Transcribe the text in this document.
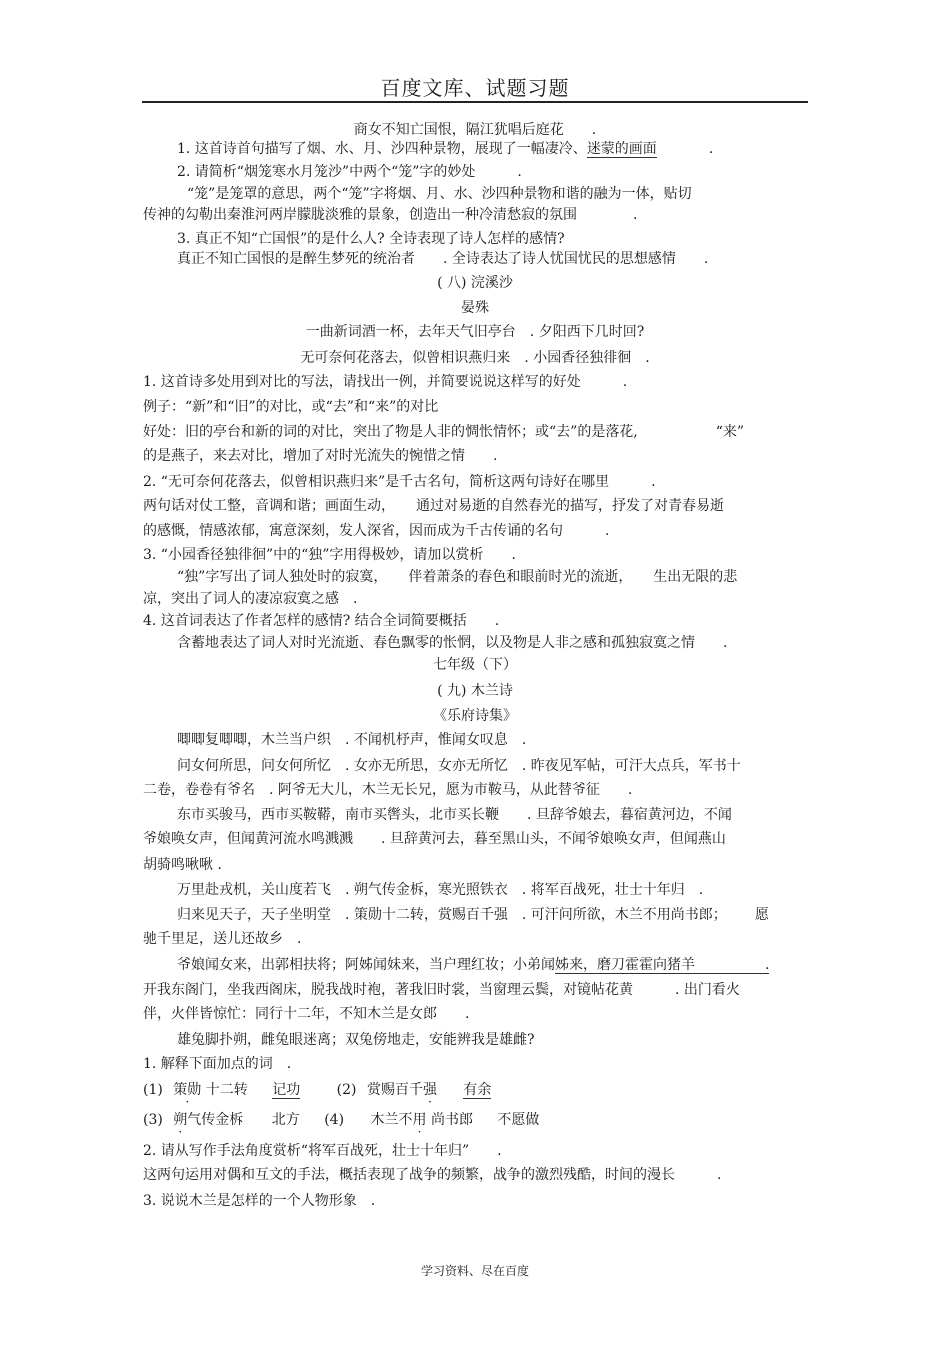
百度文库、试题习题
商女不知亡国恨，隔江犹唱后庭花　　.
1. 这首诗首句描写了烟、水、月、沙四种景物，展现了一幅凄冷、迷蒙的画面	.
2. 请简析“烟笼寒水月笼沙”中两个“笼”字的妙处　　　.
“笼”是笼罩的意思，两个“笼”字将烟、月、水、沙四种景物和谐的融为一体，贴切
传神的勾勒出秦淮河两岸朦胧淡雅的景象，创造出一种冷清愁寂的氛围　　　　.
3. 真正不知“亡国恨”的是什么人? 全诗表现了诗人怎样的感情?
真正不知亡国恨的是醉生梦死的统治者　　. 全诗表达了诗人忧国忧民的思想感情　　.
( 八) 浣溪沙
晏殊
一曲新词酒一杯，去年天气旧亭台　. 夕阳西下几时回?
无可奈何花落去，似曾相识燕归来　. 小园香径独徘徊　.
1. 这首诗多处用到对比的写法，请找出一例，并简要说说这样写的好处　　　.
例子：“新”和“旧”的对比，或“去”和“来”的对比
好处：旧的亭台和新的词的对比，突出了物是人非的惆怅情怀；或“去”的是落花,	“来”
的是燕子，来去对比，增加了对时光流失的惋惜之情　　.
2. “无可奈何花落去，似曾相识燕归来”是千古名句，简析这两句诗好在哪里　　　.
两句话对仗工整，音调和谐；画面生动，　　通过对易逝的自然春光的描写，抒发了对青春易逝
的感慨，情感浓郁，寓意深刻，发人深省，因而成为千古传诵的名句　　　.
3. “小园香径独徘徊”中的“独”字用得极妙，请加以赏析　　.
“独”字写出了词人独处时的寂寞，　　伴着萧条的春色和眼前时光的流逝，　　生出无限的悲
凉，突出了词人的凄凉寂寞之感　.
4. 这首词表达了作者怎样的感情? 结合全词简要概括　　.
含蓄地表达了词人对时光流逝、春色飘零的怅惘，以及物是人非之感和孤独寂寞之情　　.
七年级（下）
( 九) 木兰诗
《乐府诗集》
唧唧复唧唧，木兰当户织　. 不闻机杼声，惟闻女叹息　.
问女何所思，问女何所忆　. 女亦无所思，女亦无所忆　. 昨夜见军帖，可汗大点兵，军书十
二卷，卷卷有爷名　. 阿爷无大儿，木兰无长兄，愿为市鞍马，从此替爷征　　.
东市买骏马，西市买鞍鞯，南市买辔头，北市买长鞭　　. 旦辞爷娘去，暮宿黄河边，不闻
爷娘唤女声，但闻黄河流水鸣溅溅　　. 旦辞黄河去，暮至黑山头，不闻爷娘唤女声，但闻燕山
胡骑鸣啾啾 .
万里赴戎机，关山度若飞　. 朔气传金柝，寒光照铁衣　. 将军百战死，壮士十年归　.
归来见天子，天子坐明堂　. 策勋十二转，赏赐百千强　. 可汗问所欲，木兰不用尚书郎； 愿
驰千里足，送儿还故乡　.
爷娘闻女来，出郭相扶将；阿姊闻妹来，当户理红妆；小弟闻姊来，磨刀霍霍向猪羊　　　　　.
开我东阁门，坐我西阁床，脱我战时袍，著我旧时裳，当窗理云鬓，对镜帖花黄　　　. 出门看火
伴，火伴皆惊忙：同行十二年，不知木兰是女郎　　.
雄兔脚扑朔，雌兔眼迷离；双兔傍地走，安能辨我是雄雌?
1. 解释下面加点的词　.
(1) 策勋 十二转 记功	(2) 赏赐百千强 有余
(3) 朔气传金柝 北方 (4) 木兰不用 尚书郎 不愿做
2. 请从写作手法角度赏析“将军百战死，壮士十年归”　　.
这两句运用对偶和互文的手法，概括表现了战争的频繁，战争的激烈残酷，时间的漫长　　　.
3. 说说木兰是怎样的一个人物形象　.
学习资料、尽在百度
